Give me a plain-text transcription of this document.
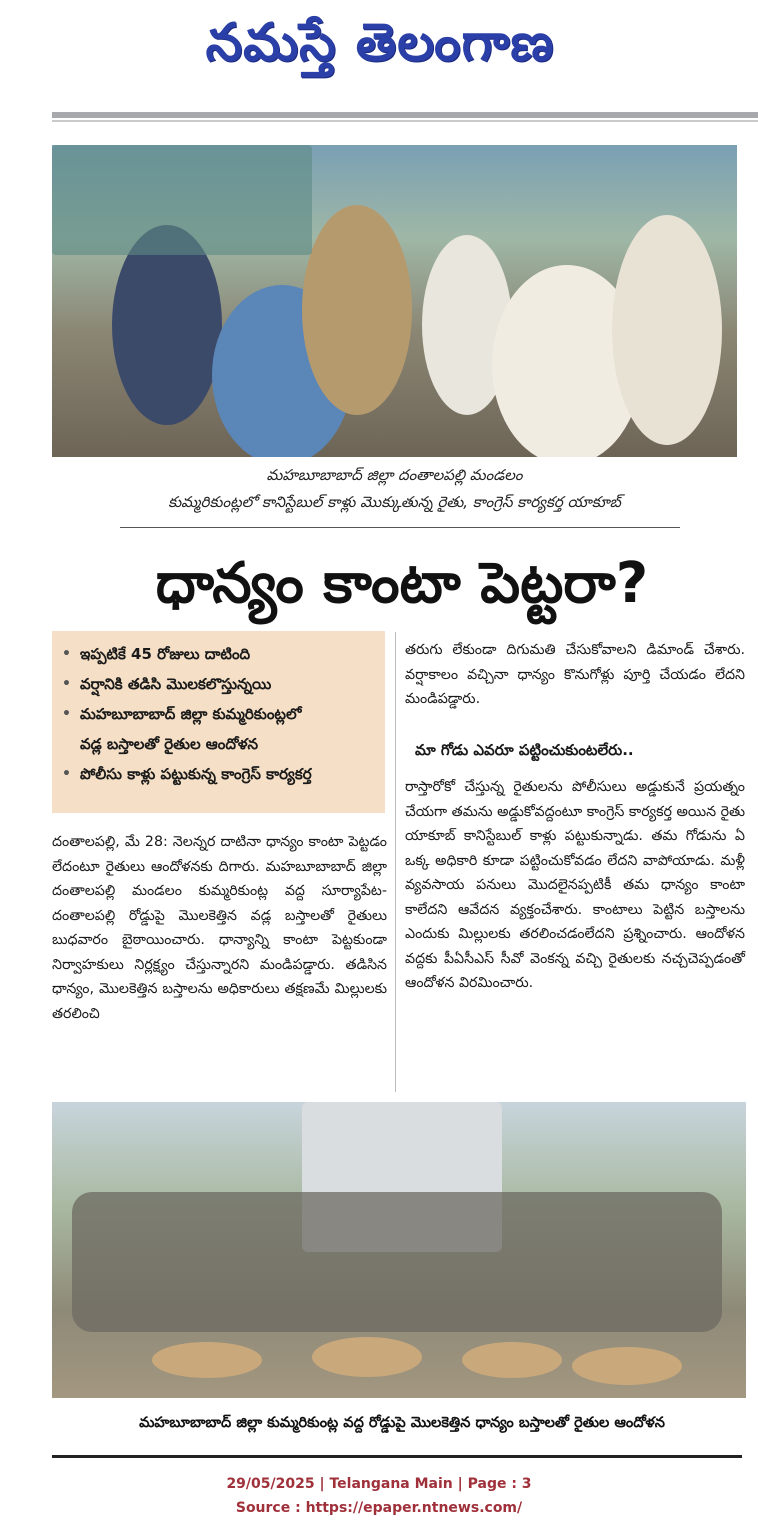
నమస్తే తెలంగాణ
మహబూబాబాద్ జిల్లా దంతాలపల్లి మండలం
కుమ్మరికుంట్లలో కానిస్టేబుల్ కాళ్లు మొక్కుతున్న రైతు, కాంగ్రెస్ కార్యకర్త యాకూబ్
ధాన్యం కాంటా పెట్టరా?
• ఇప్పటికే 45 రోజులు దాటింది
• వర్షానికి తడిసి మొలకలొస్తున్నయి
• మహబూబాబాద్ జిల్లా కుమ్మరికుంట్లలో
వడ్ల బస్తాలతో రైతుల ఆందోళన
• పోలీసు కాళ్లు పట్టుకున్న కాంగ్రెస్ కార్యకర్త

దంతాలపల్లి, మే 28: నెలన్నర దాటినా ధాన్యం కాంటా పెట్టడం లేదంటూ రైతులు ఆందోళనకు దిగారు. మహబూబాబాద్ జిల్లా దంతాలపల్లి మండలం కుమ్మరికుంట్ల వద్ద సూర్యాపేట-దంతాలపల్లి రోడ్డుపై మొలకెత్తిన వడ్ల బస్తాలతో రైతులు బుధవారం బైఠాయించారు. ధాన్యాన్ని కాంటా పెట్టకుండా నిర్వాహకులు నిర్లక్ష్యం చేస్తున్నారని మండిపడ్డారు. తడిసిన ధాన్యం, మొలకెత్తిన బస్తాలను అధికారులు తక్షణమే మిల్లులకు తరలించి

తరుగు లేకుండా దిగుమతి చేసుకోవాలని డిమాండ్ చేశారు. వర్షాకాలం వచ్చినా ధాన్యం కొనుగోళ్లు పూర్తి చేయడం లేదని మండిపడ్డారు.

మా గోడు ఎవరూ పట్టించుకుంటలేరు..

రాస్తారోకో చేస్తున్న రైతులను పోలీసులు అడ్డుకునే ప్రయత్నం చేయగా తమను అడ్డుకోవద్దంటూ కాంగ్రెస్ కార్యకర్త అయిన రైతు యాకూబ్ కానిస్టేబుల్ కాళ్లు పట్టుకున్నాడు. తమ గోడును ఏ ఒక్క అధికారి కూడా పట్టించుకోవడం లేదని వాపోయాడు. మళ్లీ వ్యవసాయ పనులు మొదలైనప్పటికీ తమ ధాన్యం కాంటా కాలేదని ఆవేదన వ్యక్తంచేశారు. కాంటాలు పెట్టిన బస్తాలను ఎందుకు మిల్లులకు తరలించడంలేదని ప్రశ్నించారు. ఆందోళన వద్దకు పీఏసీఎస్ సీవో వెంకన్న వచ్చి రైతులకు నచ్చచెప్పడంతో ఆందోళన విరమించారు.

మహబూబాబాద్ జిల్లా కుమ్మరికుంట్ల వద్ద రోడ్డుపై మొలకెత్తిన ధాన్యం బస్తాలతో రైతుల ఆందోళన
29/05/2025 | Telangana Main | Page : 3
Source : https://epaper.ntnews.com/
